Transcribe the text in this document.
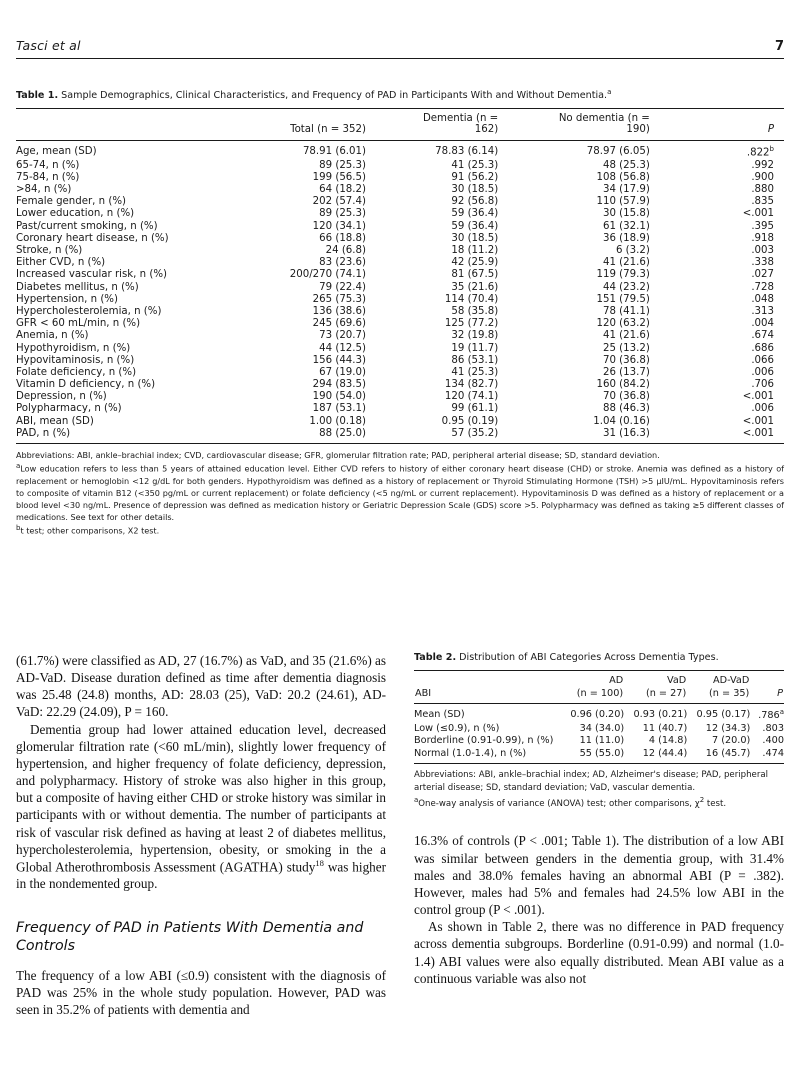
Tasci et al	7
Table 1. Sample Demographics, Clinical Characteristics, and Frequency of PAD in Participants With and Without Dementia.$^a$
	Total (n = 352)	Dementia (n = 162)	No dementia (n = 190)	P
Age, mean (SD)	78.91 (6.01)	78.83 (6.14)	78.97 (6.05)	.822$^b$
65-74, n (%)	89 (25.3)	41 (25.3)	48 (25.3)	.992
75-84, n (%)	199 (56.5)	91 (56.2)	108 (56.8)	.900
>84, n (%)	64 (18.2)	30 (18.5)	34 (17.9)	.880
Female gender, n (%)	202 (57.4)	92 (56.8)	110 (57.9)	.835
Lower education, n (%)	89 (25.3)	59 (36.4)	30 (15.8)	<.001
Past/current smoking, n (%)	120 (34.1)	59 (36.4)	61 (32.1)	.395
Coronary heart disease, n (%)	66 (18.8)	30 (18.5)	36 (18.9)	.918
Stroke, n (%)	24 (6.8)	18 (11.2)	6 (3.2)	.003
Either CVD, n (%)	83 (23.6)	42 (25.9)	41 (21.6)	.338
Increased vascular risk, n (%)	200/270 (74.1)	81 (67.5)	119 (79.3)	.027
Diabetes mellitus, n (%)	79 (22.4)	35 (21.6)	44 (23.2)	.728
Hypertension, n (%)	265 (75.3)	114 (70.4)	151 (79.5)	.048
Hypercholesterolemia, n (%)	136 (38.6)	58 (35.8)	78 (41.1)	.313
GFR < 60 mL/min, n (%)	245 (69.6)	125 (77.2)	120 (63.2)	.004
Anemia, n (%)	73 (20.7)	32 (19.8)	41 (21.6)	.674
Hypothyroidism, n (%)	44 (12.5)	19 (11.7)	25 (13.2)	.686
Hypovitaminosis, n (%)	156 (44.3)	86 (53.1)	70 (36.8)	.066
Folate deficiency, n (%)	67 (19.0)	41 (25.3)	26 (13.7)	.006
Vitamin D deficiency, n (%)	294 (83.5)	134 (82.7)	160 (84.2)	.706
Depression, n (%)	190 (54.0)	120 (74.1)	70 (36.8)	<.001
Polypharmacy, n (%)	187 (53.1)	99 (61.1)	88 (46.3)	.006
ABI, mean (SD)	1.00 (0.18)	0.95 (0.19)	1.04 (0.16)	<.001
PAD, n (%)	88 (25.0)	57 (35.2)	31 (16.3)	<.001

Abbreviations: ABI, ankle–brachial index; CVD, cardiovascular disease; GFR, glomerular filtration rate; PAD, peripheral arterial disease; SD, standard deviation.

aLow education refers to less than 5 years of attained education level. Either CVD refers to history of either coronary heart disease (CHD) or stroke. Anemia was defined as a history of replacement or hemoglobin <12 g/dL for both genders. Hypothyroidism was defined as a history of replacement or Thyroid Stimulating Hormone (TSH) >5 μIU/mL. Hypovitaminosis refers to composite of vitamin B12 (<350 pg/mL or current replacement) or folate deficiency (<5 ng/mL or current replacement). Hypovitaminosis D was defined as a history of replacement or a blood level <30 ng/mL. Presence of depression was defined as medication history or Geriatric Depression Scale (GDS) score >5. Polypharmacy was defined as taking ≥5 different classes of medications. See text for other details.

bt test; other comparisons, X2 test.

(61.7%) were classified as AD, 27 (16.7%) as VaD, and 35 (21.6%) as AD-VaD. Disease duration defined as time after dementia diagnosis was 25.48 (24.8) months, AD: 28.03 (25), VaD: 20.2 (24.61), AD-VaD: 22.29 (24.09), P = 160.

Dementia group had lower attained education level, decreased glomerular filtration rate (<60 mL/min), slightly lower frequency of hypertension, and higher frequency of folate deficiency, depression, and polypharmacy. History of stroke was also higher in this group, but a composite of having either CHD or stroke history was similar in participants with or without dementia. The number of participants at risk of vascular risk defined as having at least 2 of diabetes mellitus, hypercholesterolemia, hypertension, obesity, or smoking in the a Global Atherothrombosis Assessment (AGATHA) study$^{18}$ was higher in the nondemented group.

Frequency of PAD in Patients With Dementia and Controls

The frequency of a low ABI (≤0.9) consistent with the diagnosis of PAD was 25% in the whole study population. However, PAD was seen in 35.2% of patients with dementia and

Table 2. Distribution of ABI Categories Across Dementia Types.
	AD	VaD	AD-VaD	
ABI	(n = 100)	(n = 27)	(n = 35)	P
Mean (SD)	0.96 (0.20)	0.93 (0.21)	0.95 (0.17)	.786$^a$
Low (≤0.9), n (%)	34 (34.0)	11 (40.7)	12 (34.3)	.803
Borderline (0.91-0.99), n (%)	11 (11.0)	4 (14.8)	7 (20.0)	.400
Normal (1.0-1.4), n (%)	55 (55.0)	12 (44.4)	16 (45.7)	.474

Abbreviations: ABI, ankle–brachial index; AD, Alzheimer's disease; PAD, peripheral arterial disease; SD, standard deviation; VaD, vascular dementia.

$^a$One-way analysis of variance (ANOVA) test; other comparisons, $\chi^2$ test.

16.3% of controls (P < .001; Table 1). The distribution of a low ABI was similar between genders in the dementia group, with 31.4% males and 38.0% females having an abnormal ABI (P = .382). However, males had 5% and females had 24.5% low ABI in the control group (P < .001).

As shown in Table 2, there was no difference in PAD frequency across dementia subgroups. Borderline (0.91-0.99) and normal (1.0-1.4) ABI values were also equally distributed. Mean ABI value as a continuous variable was also not
